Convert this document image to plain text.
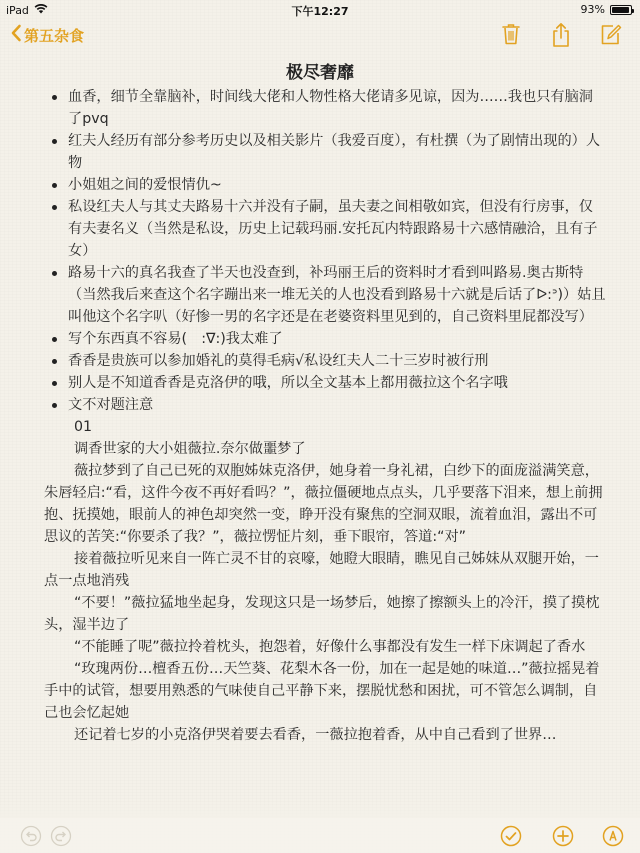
iPad	下午12:27	93%
第五杂食
极尽奢靡
血香，细节全靠脑补，时间线大佬和人物性格大佬请多见谅，因为……我也只有脑洞了pvq
红夫人经历有部分参考历史以及相关影片（我爱百度），有杜撰（为了剧情出现的）人物
小姐姐之间的爱恨情仇~
私设红夫人与其丈夫路易十六并没有子嗣，虽夫妻之间相敬如宾，但没有行房事，仅有夫妻名义（当然是私设，历史上记载玛丽.安托瓦内特跟路易十六感情融洽，且有子女）
路易十六的真名我查了半天也没查到，补玛丽王后的资料时才看到叫路易.奥古斯特（当然我后来查这个名字蹦出来一堆无关的人也没看到路易十六就是后话了ᐅ:ᐣ)）姑且叫他这个名字叭（好惨一男的名字还是在老婆资料里见到的，自己资料里屁都没写）
写个东西真不容易(　:∇:)我太难了
香香是贵族可以参加婚礼的莫得毛病√私设红夫人二十三岁时被行刑
别人是不知道香香是克洛伊的哦，所以全文基本上都用薇拉这个名字哦
文不对题注意
01
调香世家的大小姐薇拉.奈尔做噩梦了
薇拉梦到了自己已死的双胞姊妹克洛伊，她身着一身礼裙，白纱下的面庞溢满笑意，朱唇轻启:“看，这件今夜不再好看吗？”，薇拉僵硬地点点头，几乎要落下泪来，想上前拥抱、抚摸她，眼前人的神色却突然一变，睁开没有聚焦的空洞双眼，流着血泪，露出不可思议的苦笑:“你要杀了我？”，薇拉愣怔片刻，垂下眼帘，答道:“对”
接着薇拉听见来自一阵亡灵不甘的哀嚎，她瞪大眼睛，瞧见自己姊妹从双腿开始，一点一点地消残
“不要！”薇拉猛地坐起身，发现这只是一场梦后，她擦了擦额头上的冷汗，摸了摸枕头，湿半边了
“不能睡了呢”薇拉拎着枕头，抱怨着，好像什么事都没有发生一样下床调起了香水
“玫瑰两份…檀香五份…天竺葵、花梨木各一份，加在一起是她的味道…”薇拉摇晃着手中的试管，想要用熟悉的气味使自己平静下来，摆脱忧愁和困扰，可不管怎么调制，自己也会忆起她
还记着七岁的小克洛伊哭着要去看香，一薇拉抱着香，从中自己看到了世界…
